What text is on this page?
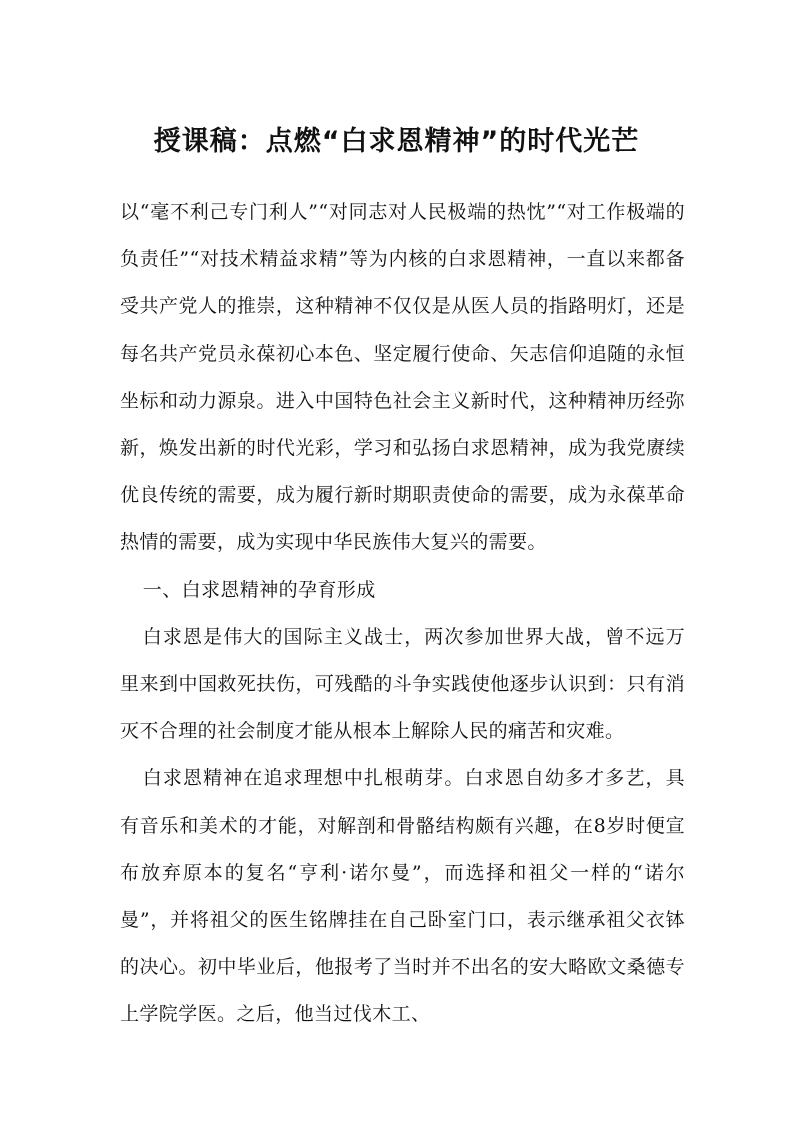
授课稿：点燃“白求恩精神”的时代光芒

以“毫不利己专门利人”“对同志对人民极端的热忱”“对工作极端的负责任”“对技术精益求精”等为内核的白求恩精神，一直以来都备受共产党人的推崇，这种精神不仅仅是从医人员的指路明灯，还是每名共产党员永葆初心本色、坚定履行使命、矢志信仰追随的永恒坐标和动力源泉。进入中国特色社会主义新时代，这种精神历经弥新，焕发出新的时代光彩，学习和弘扬白求恩精神，成为我党赓续优良传统的需要，成为履行新时期职责使命的需要，成为永葆革命热情的需要，成为实现中华民族伟大复兴的需要。

一、白求恩精神的孕育形成

白求恩是伟大的国际主义战士，两次参加世界大战，曾不远万里来到中国救死扶伤，可残酷的斗争实践使他逐步认识到：只有消灭不合理的社会制度才能从根本上解除人民的痛苦和灾难。

白求恩精神在追求理想中扎根萌芽。白求恩自幼多才多艺，具有音乐和美术的才能，对解剖和骨骼结构颇有兴趣，在8岁时便宣布放弃原本的复名“亨利·诺尔曼”，而选择和祖父一样的“诺尔曼”，并将祖父的医生铭牌挂在自己卧室门口，表示继承祖父衣钵的决心。初中毕业后，他报考了当时并不出名的安大略欧文桑德专上学院学医。之后，他当过伐木工、
